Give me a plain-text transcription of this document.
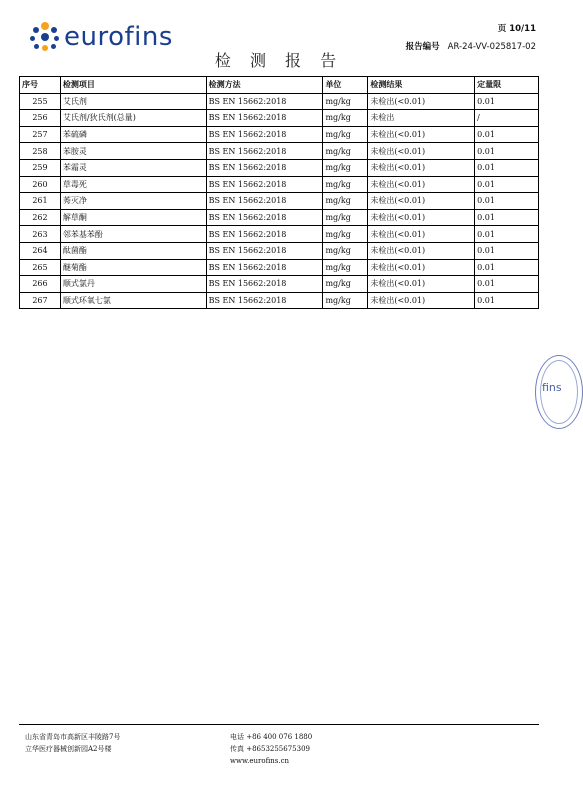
eurofins	页 10/11
报告编号 AR-24-VV-025817-02
检 测 报 告
序号	检测项目	检测方法	单位	检测结果	定量限
255	艾氏剂	BS EN 15662:2018	mg/kg	未检出(<0.01)	0.01
256	艾氏剂/狄氏剂(总量)	BS EN 15662:2018	mg/kg	未检出	/
257	苯硫磷	BS EN 15662:2018	mg/kg	未检出(<0.01)	0.01
258	苯胺灵	BS EN 15662:2018	mg/kg	未检出(<0.01)	0.01
259	苯霜灵	BS EN 15662:2018	mg/kg	未检出(<0.01)	0.01
260	草毒死	BS EN 15662:2018	mg/kg	未检出(<0.01)	0.01
261	莠灭净	BS EN 15662:2018	mg/kg	未检出(<0.01)	0.01
262	解草酮	BS EN 15662:2018	mg/kg	未检出(<0.01)	0.01
263	邻苯基苯酚	BS EN 15662:2018	mg/kg	未检出(<0.01)	0.01
264	酞菌酯	BS EN 15662:2018	mg/kg	未检出(<0.01)	0.01
265	醚菊酯	BS EN 15662:2018	mg/kg	未检出(<0.01)	0.01
266	顺式氯丹	BS EN 15662:2018	mg/kg	未检出(<0.01)	0.01
267	顺式环氧七氯	BS EN 15662:2018	mg/kg	未检出(<0.01)	0.01
fins
山东省青岛市高新区丰陵路7号
立华医疗器械创新园A2号楼
电话 +86 400 076 1880
传真 +8653255675309
www.eurofins.cn
